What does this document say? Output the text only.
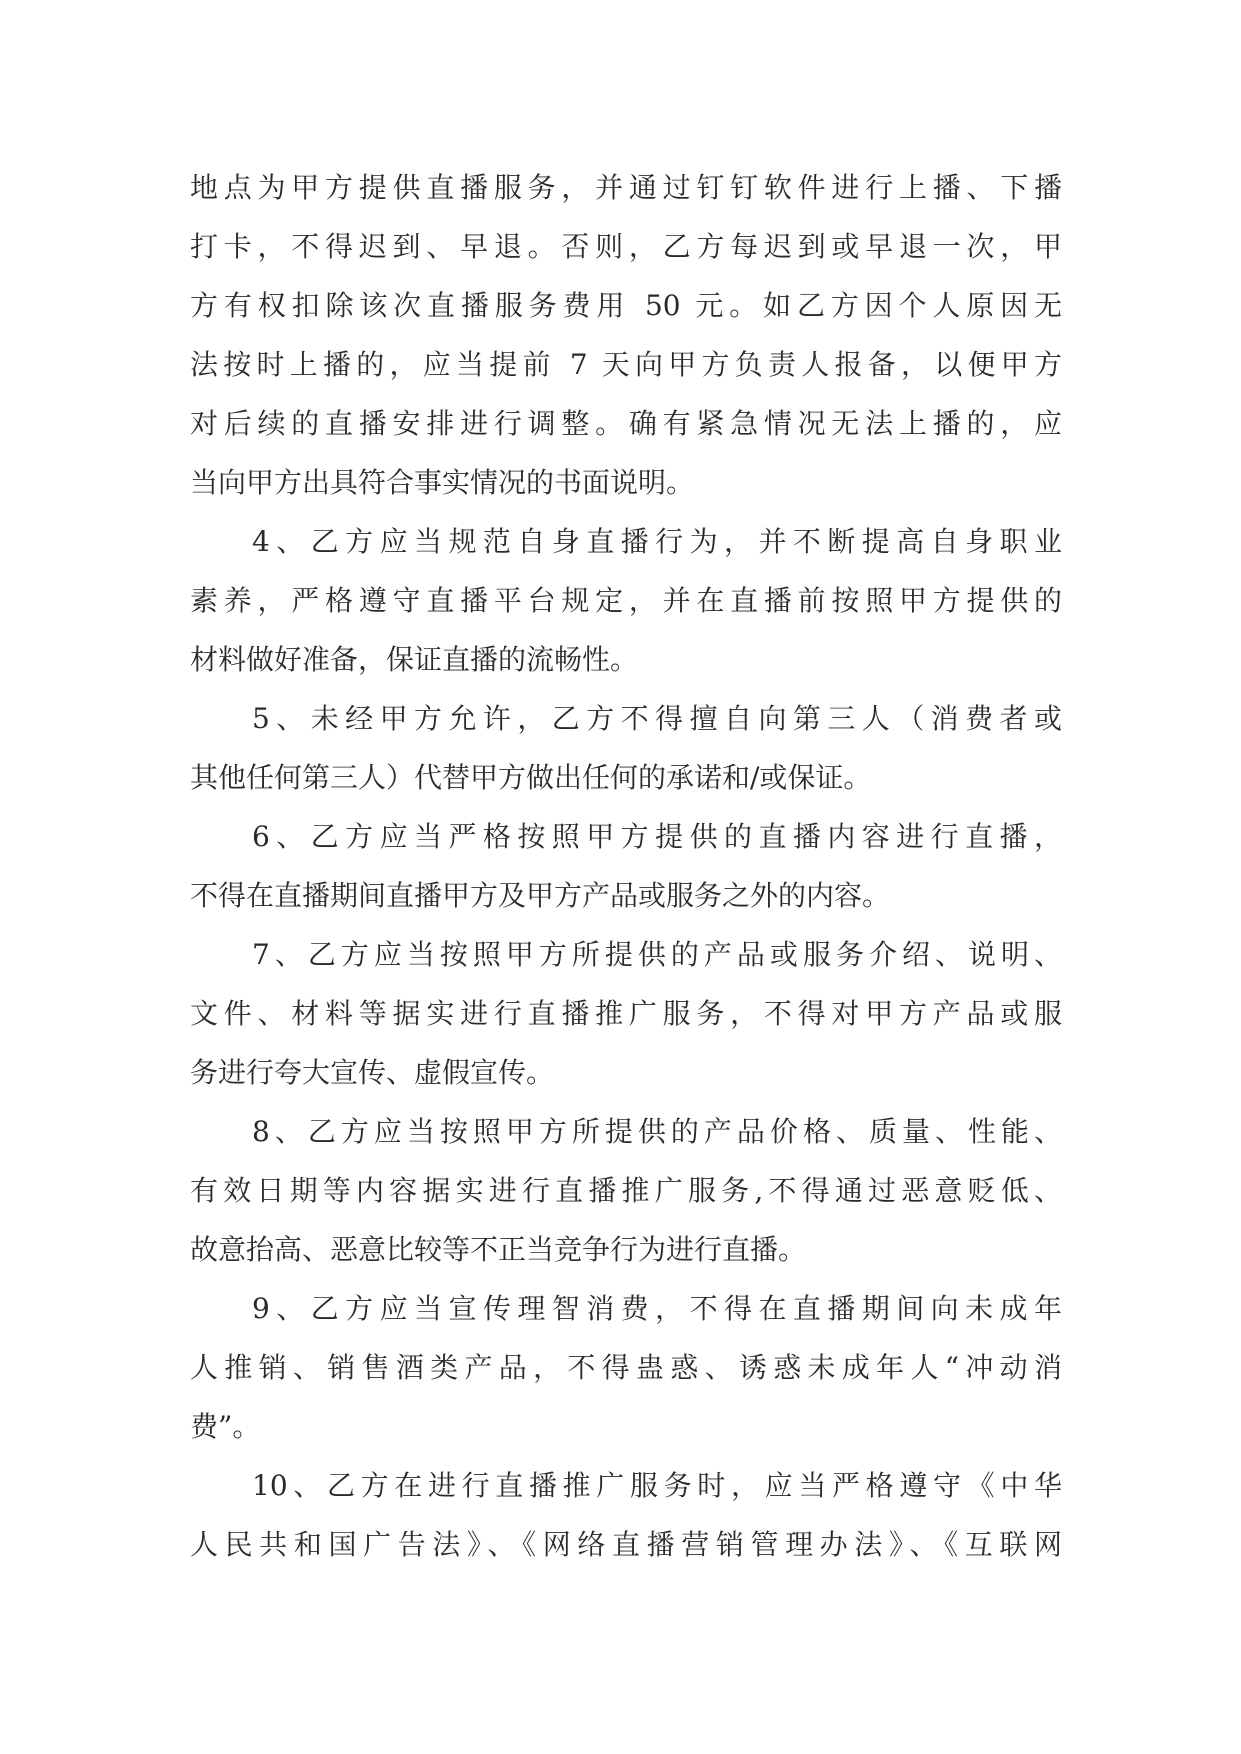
地点为甲方提供直播服务，并通过钉钉软件进行上播、下播
打卡，不得迟到、早退。否则，乙方每迟到或早退一次，甲
方有权扣除该次直播服务费用 50 元。如乙方因个人原因无
法按时上播的，应当提前 7 天向甲方负责人报备，以便甲方
对后续的直播安排进行调整。确有紧急情况无法上播的，应
当向甲方出具符合事实情况的书面说明。
4、乙方应当规范自身直播行为，并不断提高自身职业
素养，严格遵守直播平台规定，并在直播前按照甲方提供的
材料做好准备，保证直播的流畅性。
5、未经甲方允许，乙方不得擅自向第三人（消费者或
其他任何第三人）代替甲方做出任何的承诺和/或保证。
6、乙方应当严格按照甲方提供的直播内容进行直播，
不得在直播期间直播甲方及甲方产品或服务之外的内容。
7、乙方应当按照甲方所提供的产品或服务介绍、说明、
文件、材料等据实进行直播推广服务，不得对甲方产品或服
务进行夸大宣传、虚假宣传。
8、乙方应当按照甲方所提供的产品价格、质量、性能、
有效日期等内容据实进行直播推广服务,不得通过恶意贬低、
故意抬高、恶意比较等不正当竞争行为进行直播。
9、乙方应当宣传理智消费，不得在直播期间向未成年
人推销、销售酒类产品，不得蛊惑、诱惑未成年人“冲动消
费”。
10、乙方在进行直播推广服务时，应当严格遵守《中华
人民共和国广告法》、《网络直播营销管理办法》、《互联网
